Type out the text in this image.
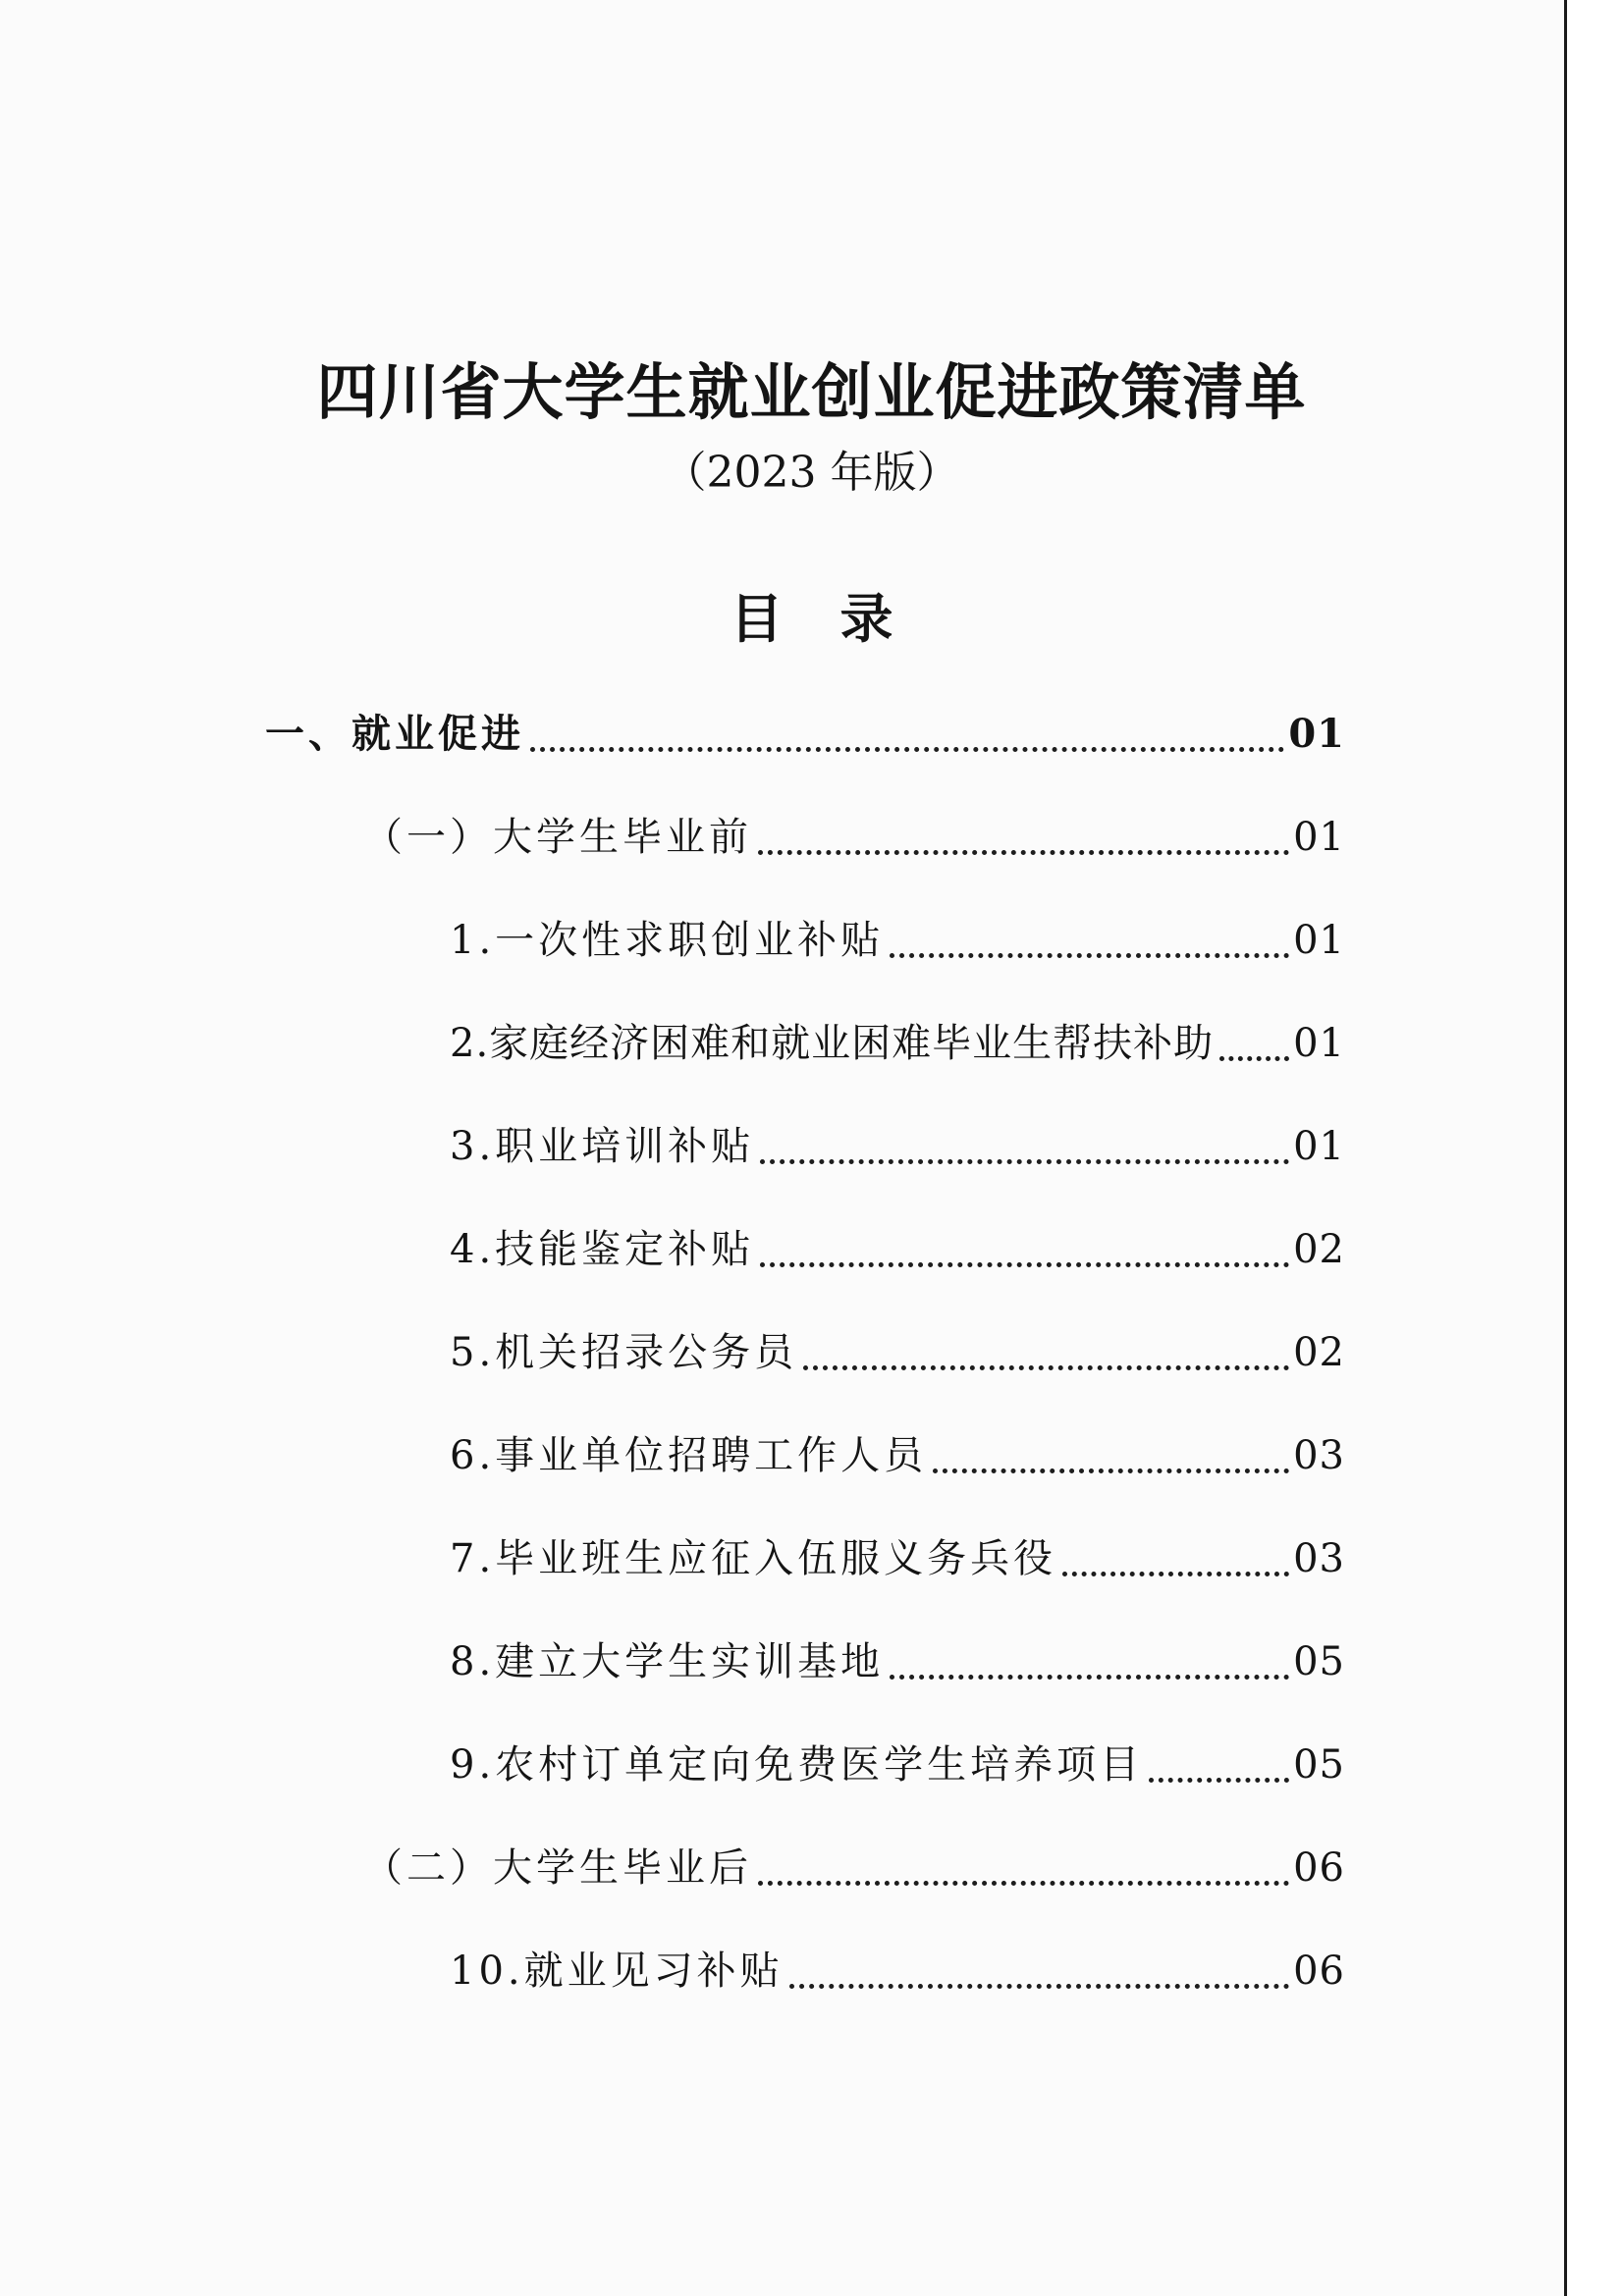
四川省大学生就业创业促进政策清单
（2023 年版）
目录
一、就业促进	01
（一）大学生毕业前	01
1.一次性求职创业补贴	01
2.家庭经济困难和就业困难毕业生帮扶补助 01
3.职业培训补贴	01
4.技能鉴定补贴	02
5.机关招录公务员	02
6.事业单位招聘工作人员	03
7.毕业班生应征入伍服义务兵役	03
8.建立大学生实训基地	05
9.农村订单定向免费医学生培养项目	05
（二）大学生毕业后	06
10.就业见习补贴	06
